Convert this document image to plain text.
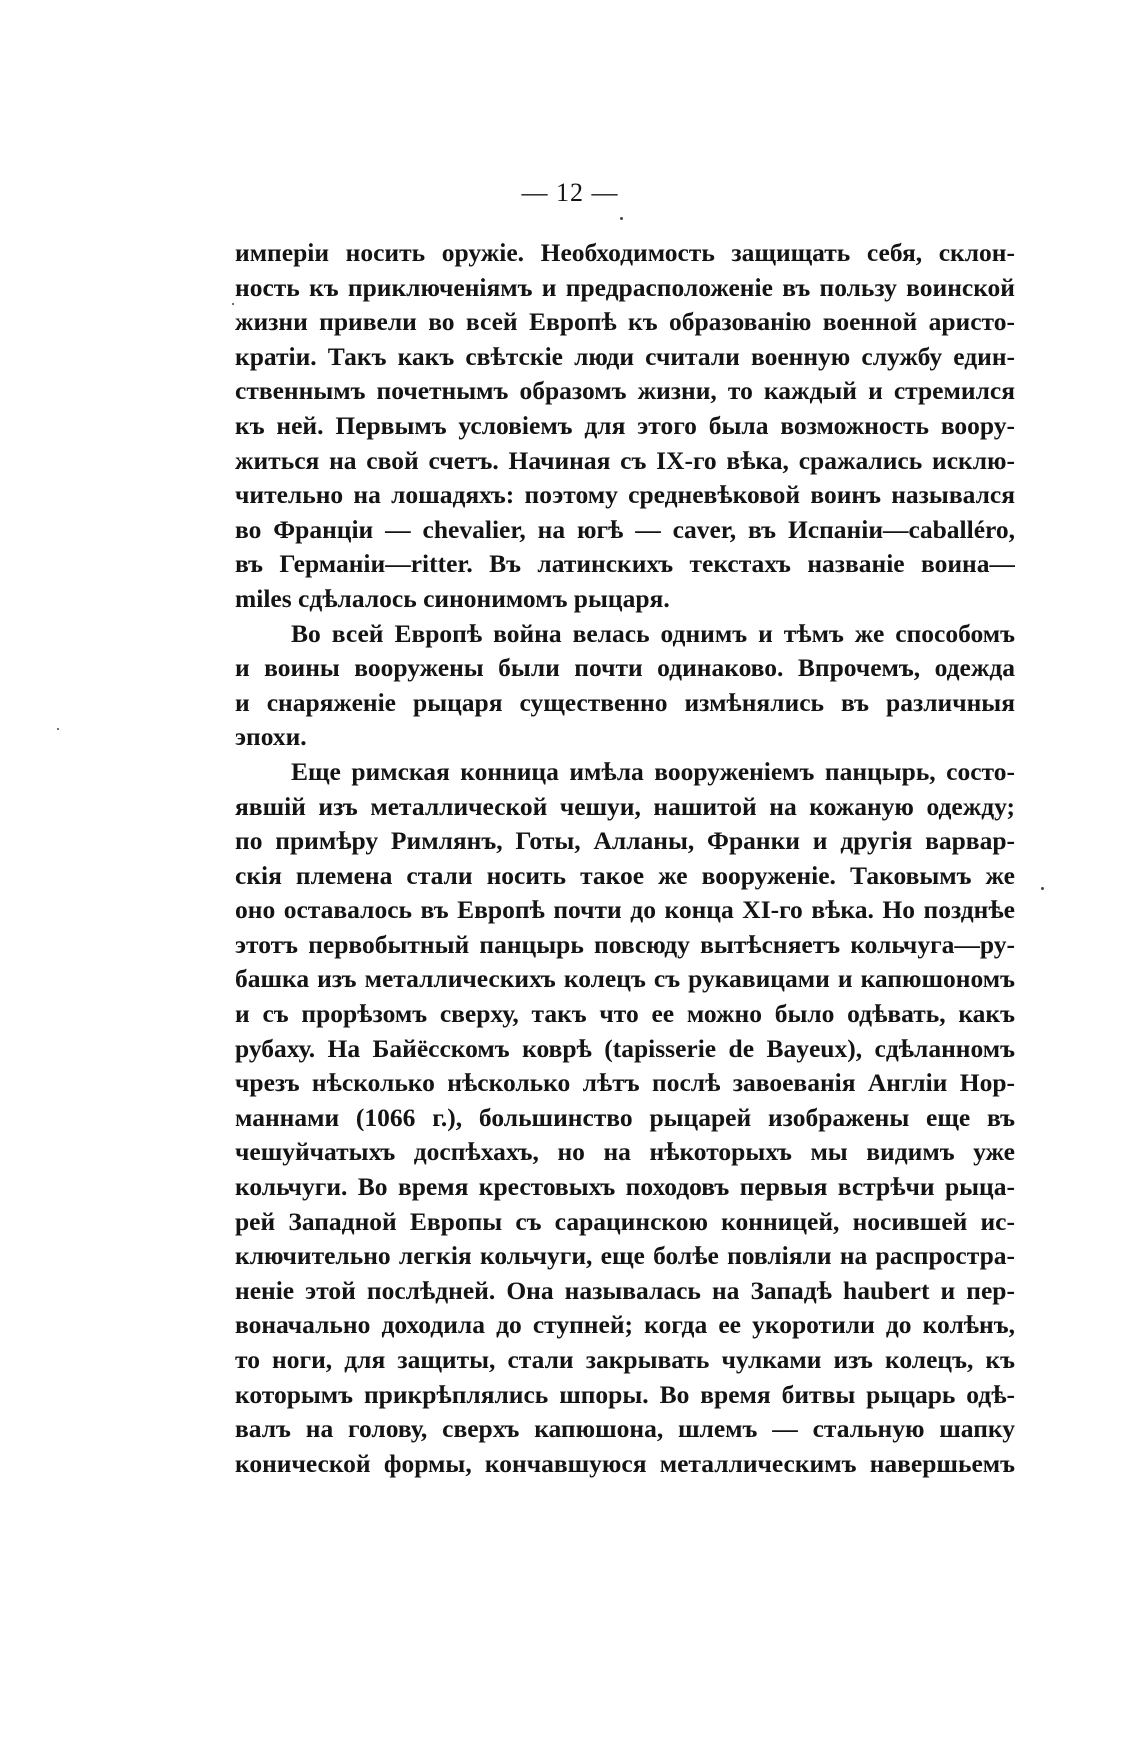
— 12 —
имперіи носить оружіе. Необходимость защищать себя, склон-
ность къ приключеніямъ и предрасположеніе въ пользу воинской
жизни привели во всей Европѣ къ образованію военной аристо-
кратіи. Такъ какъ свѣтскіе люди считали военную службу един-
ственнымъ почетнымъ образомъ жизни, то каждый и стремился
къ ней. Первымъ условіемъ для этого была возможность воору-
житься на свой счетъ. Начиная съ IX-го вѣка, сражались исклю-
чительно на лошадяхъ: поэтому средневѣковой воинъ назывался
во Франціи — chevalier, на югѣ — caver, въ Испаніи—caballéro,
въ Германіи—ritter. Въ латинскихъ текстахъ названіе воина—
miles сдѣлалось синонимомъ рыцаря.
Во всей Европѣ война велась однимъ и тѣмъ же способомъ
и воины вооружены были почти одинаково. Впрочемъ, одежда
и снаряженіе рыцаря существенно измѣнялись въ различныя
эпохи.
Еще римская конница имѣла вооруженіемъ панцырь, состо-
явшій изъ металлической чешуи, нашитой на кожаную одежду;
по примѣру Римлянъ, Готы, Алланы, Франки и другія варвар-
скія племена стали носить такое же вооруженіе. Таковымъ же
оно оставалось въ Европѣ почти до конца XI-го вѣка. Но позднѣе
этотъ первобытный панцырь повсюду вытѣсняетъ кольчуга—ру-
башка изъ металлическихъ колецъ съ рукавицами и капюшономъ
и съ прорѣзомъ сверху, такъ что ее можно было одѣвать, какъ
рубаху. На Байёсскомъ коврѣ (tapisserie de Bayeux), сдѣланномъ
чрезъ нѣсколько нѣсколько лѣтъ послѣ завоеванія Англіи Нор-
маннами (1066 г.), большинство рыцарей изображены еще въ
чешуйчатыхъ доспѣхахъ, но на нѣкоторыхъ мы видимъ уже
кольчуги. Во время крестовыхъ походовъ первыя встрѣчи рыца-
рей Западной Европы съ сарацинскою конницей, носившей ис-
ключительно легкія кольчуги, еще болѣе повліяли на распростра-
неніе этой послѣдней. Она называлась на Западѣ haubert и пер-
воначально доходила до ступней; когда ее укоротили до колѣнъ,
то ноги, для защиты, стали закрывать чулками изъ колецъ, къ
которымъ прикрѣплялись шпоры. Во время битвы рыцарь одѣ-
валъ на голову, сверхъ капюшона, шлемъ — стальную шапку
конической формы, кончавшуюся металлическимъ навершьемъ
